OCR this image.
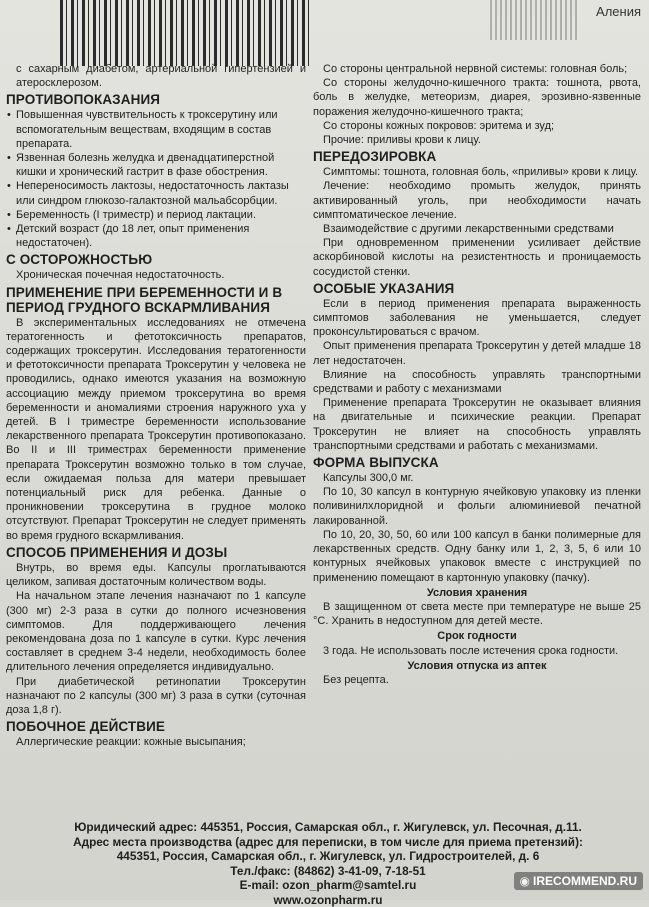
Алeния

с сахарным диабетом, артериальной гипертензией и атеросклерозом.

ПРОТИВОПОКАЗАНИЯ
• Повышенная чувствительность к троксерутину или вспомогательным веществам, входящим в состав препарата.
• Язвенная болезнь желудка и двенадцатиперстной кишки и хронический гастрит в фазе обострения.
• Непереносимость лактозы, недостаточность лактазы или синдром глюкозо-галактозной мальабсорбции.
• Беременность (I триместр) и период лактации.
• Детский возраст (до 18 лет, опыт применения недостаточен).
С ОСТОРОЖНОСТЬЮ

Хроническая почечная недостаточность.

ПРИМЕНЕНИЕ ПРИ БЕРЕМЕННОСТИ И В ПЕРИОД ГРУДНОГО ВСКАРМЛИВАНИЯ

В экспериментальных исследованиях не отмечена тератогенность и фетотоксичность препаратов, содержащих троксерутин. Исследования тератогенности и фетотоксичности препарата Троксерутин у человека не проводились, однако имеются указания на возможную ассоциацию между приемом троксерутина во время беременности и аномалиями строения наружного уха у детей. В I триместре беременности использование лекарственного препарата Троксерутин противопоказано. Во II и III триместрах беременности применение препарата Троксерутин возможно только в том случае, если ожидаемая польза для матери превышает потенциальный риск для ребенка. Данные о проникновении троксерутина в грудное молоко отсутствуют. Препарат Троксерутин не следует применять во время грудного вскармливания.

СПОСОБ ПРИМЕНЕНИЯ И ДОЗЫ

Внутрь, во время еды. Капсулы проглатываются целиком, запивая достаточным количеством воды.

На начальном этапе лечения назначают по 1 капсуле (300 мг) 2-3 раза в сутки до полного исчезновения симптомов. Для поддерживающего лечения рекомендована доза по 1 капсуле в сутки. Курс лечения составляет в среднем 3-4 недели, необходимость более длительного лечения определяется индивидуально.

При диабетической ретинопатии Троксерутин назначают по 2 капсулы (300 мг) 3 раза в сутки (суточная доза 1,8 г).

ПОБОЧНОЕ ДЕЙСТВИЕ

Аллергические реакции: кожные высыпания;

Со стороны центральной нервной системы: головная боль;

Со стороны желудочно-кишечного тракта: тошнота, рвота, боль в желудке, метеоризм, диарея, эрозивно-язвенные поражения желудочно-кишечного тракта;

Со стороны кожных покровов: эритема и зуд;

Прочие: приливы крови к лицу.

ПЕРЕДОЗИРОВКА

Симптомы: тошнота, головная боль, «приливы» крови к лицу.

Лечение: необходимо промыть желудок, принять активированный уголь, при необходимости начать симптоматическое лечение.

Взаимодействие с другими лекарственными средствами

При одновременном применении усиливает действие аскорбиновой кислоты на резистентность и проницаемость сосудистой стенки.

ОСОБЫЕ УКАЗАНИЯ

Если в период применения препарата выраженность симптомов заболевания не уменьшается, следует проконсультироваться с врачом.

Опыт применения препарата Троксерутин у детей младше 18 лет недостаточен.

Влияние на способность управлять транспортными средствами и работу с механизмами

Применение препарата Троксерутин не оказывает влияния на двигательные и психические реакции. Препарат Троксерутин не влияет на способность управлять транспортными средствами и работать с механизмами.

ФОРМА ВЫПУСКА

Капсулы 300,0 мг.

По 10, 30 капсул в контурную ячейковую упаковку из пленки поливинилхлоридной и фольги алюминиевой печатной лакированной.

По 10, 20, 30, 50, 60 или 100 капсул в банки полимерные для лекарственных средств. Одну банку или 1, 2, 3, 5, 6 или 10 контурных ячейковых упаковок вместе с инструкцией по применению помещают в картонную упаковку (пачку).

Условия хранения

В защищенном от света месте при температуре не выше 25 °С. Хранить в недоступном для детей месте.

Срок годности

3 года. Не использовать после истечения срока годности.

Условия отпуска из аптек

Без рецепта.

Юридический адрес: 445351, Россия, Самарская обл., г. Жигулевск, ул. Песочная, д.11.
Адрес места производства (адрес для переписки, в том числе для приема претензий):
445351, Россия, Самарская обл., г. Жигулевск, ул. Гидростроителей, д. 6
Тел./факс: (84862) 3-41-09, 7-18-51
E-mail: ozon_pharm@samtel.ru
www.ozonpharm.ru
◉ IRECOMMEND.RU
